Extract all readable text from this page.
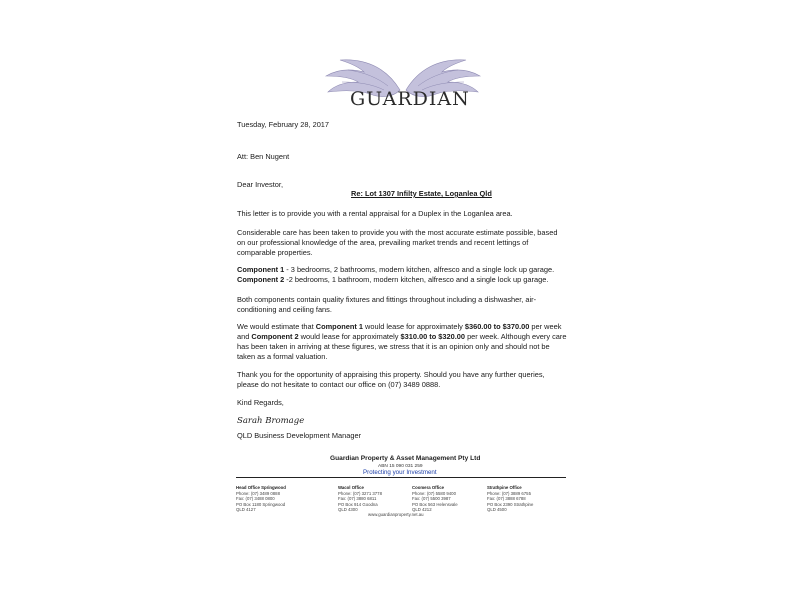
GUARDIAN
Tuesday, February 28, 2017
Att: Ben Nugent
Dear Investor,
Re: Lot 1307 Infilty Estate, Loganlea Qld
This letter is to provide you with a rental appraisal for a Duplex in the Loganlea area.
Considerable care has been taken to provide you with the most accurate estimate possible, based on our professional knowledge of the area, prevailing market trends and recent lettings of comparable properties.
Component 1 - 3 bedrooms, 2 bathrooms, modern kitchen, alfresco and a single lock up garage.
Component 2 -2 bedrooms, 1 bathroom, modern kitchen, alfresco and a single lock up garage.
Both components contain quality fixtures and fittings throughout including a dishwasher, air-conditioning and ceiling fans.
We would estimate that Component 1 would lease for approximately $360.00 to $370.00 per week and Component 2 would lease for approximately $310.00 to $320.00 per week. Although every care has been taken in arriving at these figures, we stress that it is an opinion only and should not be taken as a formal valuation.
Thank you for the opportunity of appraising this property. Should you have any further queries, please do not hesitate to contact our office on (07) 3489 0888.
Kind Regards,
Sarah Bromage
QLD Business Development Manager
Guardian Property & Asset Management Pty Ltd
ABN 15 090 031 259
Protecting your Investment
Head Office Springwood
Phone: (07) 3489 0888
Fax: (07) 3488 0800
PO Box 1180 Springwood
QLD 4127
Wacol Office
Phone: (07) 3271 3778
Fax: (07) 3880 6811
PO Box 914 Goodna
QLD 4300
Coomera Office
Phone: (07) 5580 9400
Fax: (07) 5500 3987
PO Box 563 Helensvale
QLD 4212
Strathpine Office
Phone: (07) 3889 6755
Fax: (07) 3888 6788
PO Box 2390 Strathpine
QLD 4500
www.guardianproperty.net.au
